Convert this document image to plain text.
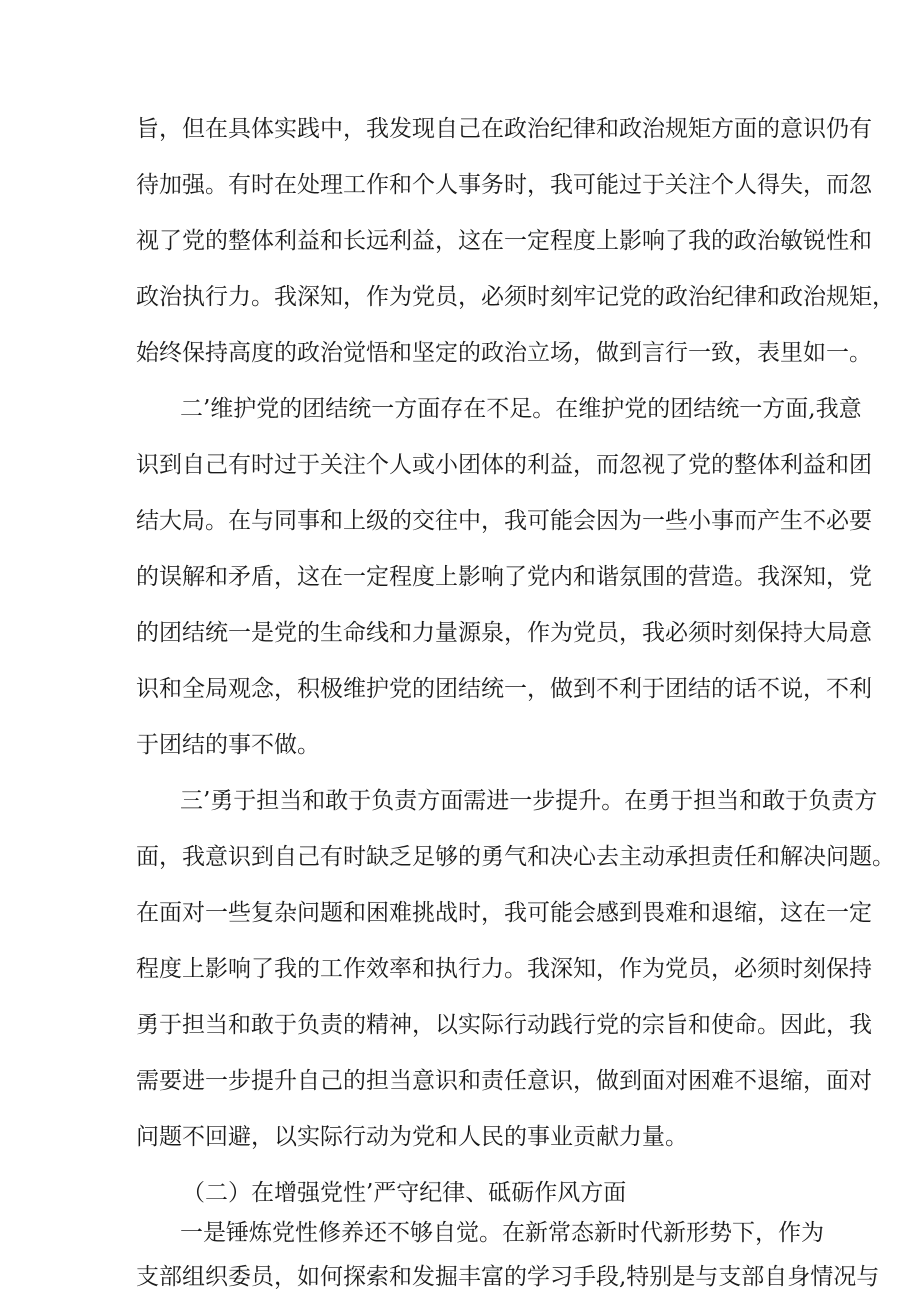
旨，但在具体实践中，我发现自己在政治纪律和政治规矩方面的意识仍有
待加强。有时在处理工作和个人事务时，我可能过于关注个人得失，而忽
视了党的整体利益和长远利益，这在一定程度上影响了我的政治敏锐性和
政治执行力。我深知，作为党员，必须时刻牢记党的政治纪律和政治规矩，
始终保持高度的政治觉悟和坚定的政治立场，做到言行一致，表里如一。
二’维护党的团结统一方面存在不足。在维护党的团结统一方面,我意
识到自己有时过于关注个人或小团体的利益，而忽视了党的整体利益和团
结大局。在与同事和上级的交往中，我可能会因为一些小事而产生不必要
的误解和矛盾，这在一定程度上影响了党内和谐氛围的营造。我深知，党
的团结统一是党的生命线和力量源泉，作为党员，我必须时刻保持大局意
识和全局观念，积极维护党的团结统一，做到不利于团结的话不说，不利
于团结的事不做。
三’勇于担当和敢于负责方面需进一步提升。在勇于担当和敢于负责方
面，我意识到自己有时缺乏足够的勇气和决心去主动承担责任和解决问题。
在面对一些复杂问题和困难挑战时，我可能会感到畏难和退缩，这在一定
程度上影响了我的工作效率和执行力。我深知，作为党员，必须时刻保持
勇于担当和敢于负责的精神，以实际行动践行党的宗旨和使命。因此，我
需要进一步提升自己的担当意识和责任意识，做到面对困难不退缩，面对
问题不回避，以实际行动为党和人民的事业贡献力量。
（二）在增强党性’严守纪律、砥砺作风方面
一是锤炼党性修养还不够自觉。在新常态新时代新形势下，作为
支部组织委员，如何探索和发掘丰富的学习手段,特别是与支部自身情况与
